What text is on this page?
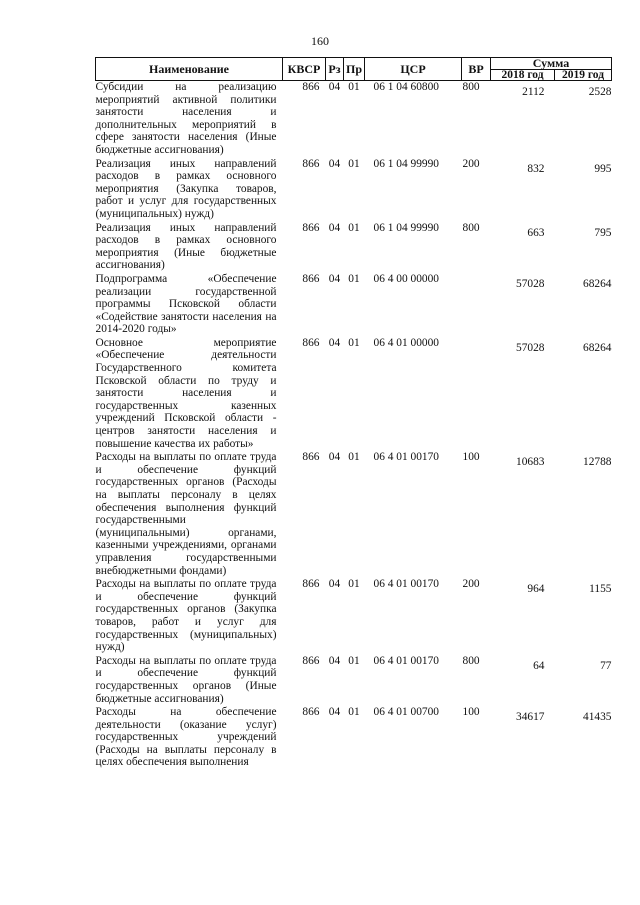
160
Наименование	КВСР	Рз	Пр	ЦСР	ВР	Сумма	
						2018 год	2019 год
Субсидии на реализацию мероприятий активной политики занятости населения и дополнительных мероприятий в сфере занятости населения (Иные бюджетные ассигнования)	866	04	01	06 1 04 60800	800	2112	2528
Реализация иных направлений расходов в рамках основного мероприятия (Закупка товаров, работ и услуг для государственных (муниципальных) нужд)	866	04	01	06 1 04 99990	200	832	995
Реализация иных направлений расходов в рамках основного мероприятия (Иные бюджетные ассигнования)	866	04	01	06 1 04 99990	800	663	795
Подпрограмма «Обеспечение реализации государственной программы Псковской области «Содействие занятости населения на 2014-2020 годы»	866	04	01	06 4 00 00000		57028	68264
Основное мероприятие «Обеспечение деятельности Государственного комитета Псковской области по труду и занятости населения и государственных казенных учреждений Псковской области - центров занятости населения и повышение качества их работы»	866	04	01	06 4 01 00000		57028	68264
Расходы на выплаты по оплате труда и обеспечение функций государственных органов (Расходы на выплаты персоналу в целях обеспечения выполнения функций государственными (муниципальными) органами, казенными учреждениями, органами управления государственными внебюджетными фондами)	866	04	01	06 4 01 00170	100	10683	12788
Расходы на выплаты по оплате труда и обеспечение функций государственных органов (Закупка товаров, работ и услуг для государственных (муниципальных) нужд)	866	04	01	06 4 01 00170	200	964	1155
Расходы на выплаты по оплате труда и обеспечение функций государственных органов (Иные бюджетные ассигнования)	866	04	01	06 4 01 00170	800	64	77
Расходы на обеспечение деятельности (оказание услуг) государственных учреждений (Расходы на выплаты персоналу в целях обеспечения выполнения	866	04	01	06 4 01 00700	100	34617	41435
